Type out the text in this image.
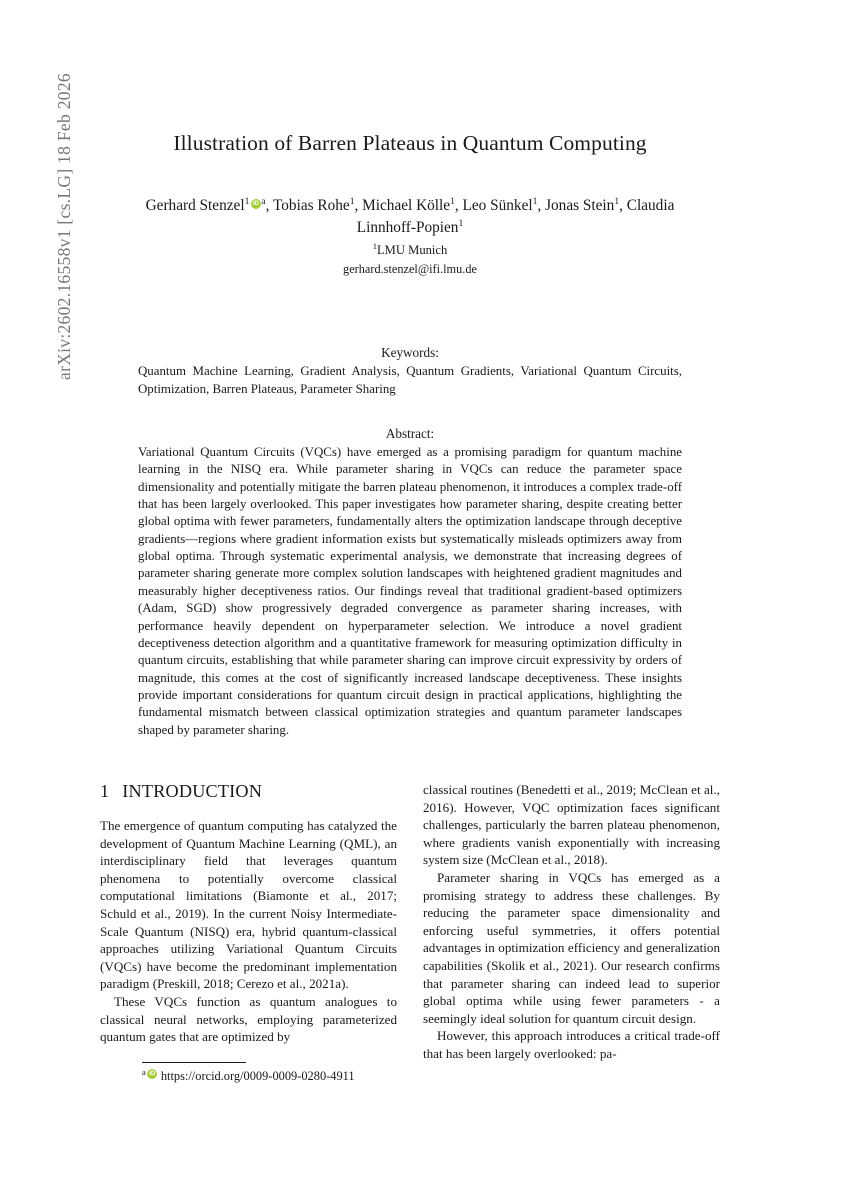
arXiv:2602.16558v1 [cs.LG] 18 Feb 2026	Illustration of Barren Plateaus in Quantum Computing
Gerhard Stenzel$^1$ iD $^a$, Tobias Rohe$^1$, Michael Kölle$^1$, Leo Sünkel$^1$, Jonas Stein$^1$, Claudia Linnhoff-Popien$^1$
$^1$LMU Munich
gerhard.stenzel@ifi.lmu.de
Keywords:
Quantum Machine Learning, Gradient Analysis, Quantum Gradients, Variational Quantum Circuits, Optimization, Barren Plateaus, Parameter Sharing
Abstract:
Variational Quantum Circuits (VQCs) have emerged as a promising paradigm for quantum machine learning in the NISQ era. While parameter sharing in VQCs can reduce the parameter space dimensionality and potentially mitigate the barren plateau phenomenon, it introduces a complex trade-off that has been largely overlooked. This paper investigates how parameter sharing, despite creating better global optima with fewer parameters, fundamentally alters the optimization landscape through deceptive gradients—regions where gradient information exists but systematically misleads optimizers away from global optima. Through systematic experimental analysis, we demonstrate that increasing degrees of parameter sharing generate more complex solution landscapes with heightened gradient magnitudes and measurably higher deceptiveness ratios. Our findings reveal that traditional gradient-based optimizers (Adam, SGD) show progressively degraded convergence as parameter sharing increases, with performance heavily dependent on hyperparameter selection. We introduce a novel gradient deceptiveness detection algorithm and a quantitative framework for measuring optimization difficulty in quantum circuits, establishing that while parameter sharing can improve circuit expressivity by orders of magnitude, this comes at the cost of significantly increased landscape deceptiveness. These insights provide important considerations for quantum circuit design in practical applications, highlighting the fundamental mismatch between classical optimization strategies and quantum parameter landscapes shaped by parameter sharing.
1 INTRODUCTION

The emergence of quantum computing has catalyzed the development of Quantum Machine Learning (QML), an interdisciplinary field that leverages quantum phenomena to potentially overcome classical computational limitations (Biamonte et al., 2017; Schuld et al., 2019). In the current Noisy Intermediate-Scale Quantum (NISQ) era, hybrid quantum-classical approaches utilizing Variational Quantum Circuits (VQCs) have become the predominant implementation paradigm (Preskill, 2018; Cerezo et al., 2021a).

These VQCs function as quantum analogues to classical neural networks, employing parameterized quantum gates that are optimized by

$^a$ iD https://orcid.org/0009-0009-0280-4911

classical routines (Benedetti et al., 2019; McClean et al., 2016). However, VQC optimization faces significant challenges, particularly the barren plateau phenomenon, where gradients vanish exponentially with increasing system size (McClean et al., 2018).

Parameter sharing in VQCs has emerged as a promising strategy to address these challenges. By reducing the parameter space dimensionality and enforcing useful symmetries, it offers potential advantages in optimization efficiency and generalization capabilities (Skolik et al., 2021). Our research confirms that parameter sharing can indeed lead to superior global optima while using fewer parameters - a seemingly ideal solution for quantum circuit design.

However, this approach introduces a critical trade-off that has been largely overlooked: pa-
